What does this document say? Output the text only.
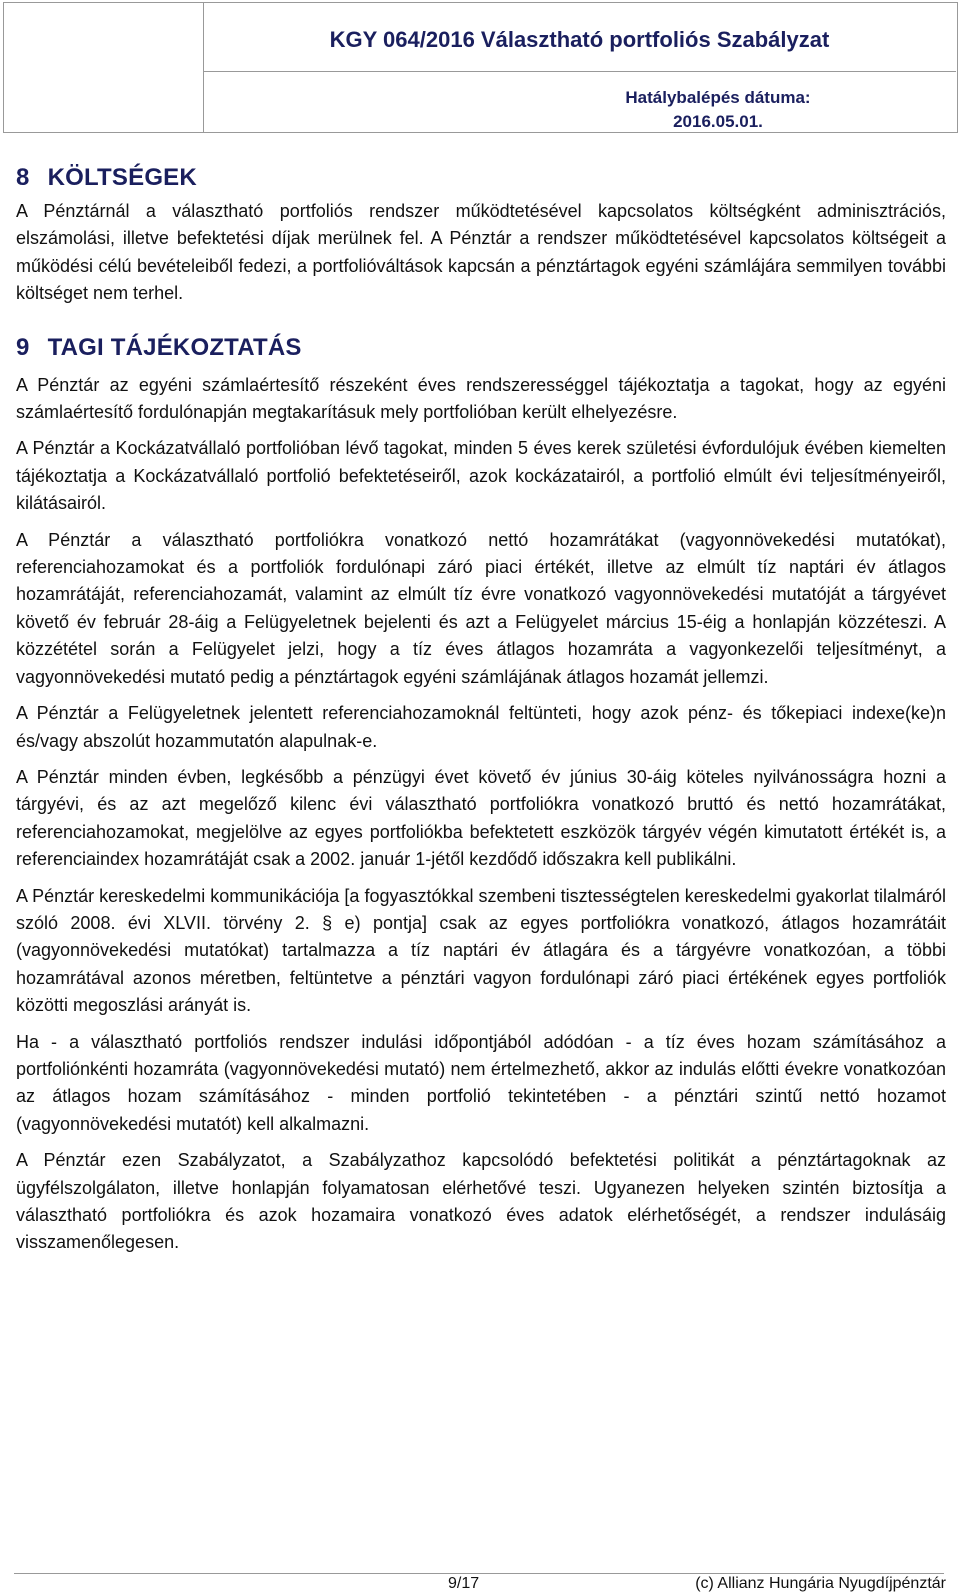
KGY 064/2016 Választható portfoliós Szabályzat
Hatálybalépés dátuma:
2016.05.01.
8 KÖLTSÉGEK

A Pénztárnál a választható portfoliós rendszer működtetésével kapcsolatos költségként adminisztrációs, elszámolási, illetve befektetési díjak merülnek fel. A Pénztár a rendszer működtetésével kapcsolatos költségeit a működési célú bevételeiből fedezi, a portfolióváltások kapcsán a pénztártagok egyéni számlájára semmilyen további költséget nem terhel.

9 TAGI TÁJÉKOZTATÁS

A Pénztár az egyéni számlaértesítő részeként éves rendszerességgel tájékoztatja a tagokat, hogy az egyéni számlaértesítő fordulónapján megtakarításuk mely portfolióban került elhelyezésre.

A Pénztár a Kockázatvállaló portfolióban lévő tagokat, minden 5 éves kerek születési évfordulójuk évében kiemelten tájékoztatja a Kockázatvállaló portfolió befektetéseiről, azok kockázatairól, a portfolió elmúlt évi teljesítményeiről, kilátásairól.

A Pénztár a választható portfoliókra vonatkozó nettó hozamrátákat (vagyonnövekedési mutatókat), referenciahozamokat és a portfoliók fordulónapi záró piaci értékét, illetve az elmúlt tíz naptári év átlagos hozamrátáját, referenciahozamát, valamint az elmúlt tíz évre vonatkozó vagyonnövekedési mutatóját a tárgyévet követő év február 28-áig a Felügyeletnek bejelenti és azt a Felügyelet március 15-éig a honlapján közzéteszi. A közzététel során a Felügyelet jelzi, hogy a tíz éves átlagos hozamráta a vagyonkezelői teljesítményt, a vagyonnövekedési mutató pedig a pénztártagok egyéni számlájának átlagos hozamát jellemzi.

A Pénztár a Felügyeletnek jelentett referenciahozamoknál feltünteti, hogy azok pénz- és tőkepiaci indexe(ke)n és/vagy abszolút hozammutatón alapulnak-e.

A Pénztár minden évben, legkésőbb a pénzügyi évet követő év június 30-áig köteles nyilvánosságra hozni a tárgyévi, és az azt megelőző kilenc évi választható portfoliókra vonatkozó bruttó és nettó hozamrátákat, referenciahozamokat, megjelölve az egyes portfoliókba befektetett eszközök tárgyév végén kimutatott értékét is, a referenciaindex hozamrátáját csak a 2002. január 1-jétől kezdődő időszakra kell publikálni.

A Pénztár kereskedelmi kommunikációja [a fogyasztókkal szembeni tisztességtelen kereskedelmi gyakorlat tilalmáról szóló 2008. évi XLVII. törvény 2. § e) pontja] csak az egyes portfoliókra vonatkozó, átlagos hozamrátáit (vagyonnövekedési mutatókat) tartalmazza a tíz naptári év átlagára és a tárgyévre vonatkozóan, a többi hozamrátával azonos méretben, feltüntetve a pénztári vagyon fordulónapi záró piaci értékének egyes portfoliók közötti megoszlási arányát is.

Ha - a választható portfoliós rendszer indulási időpontjából adódóan - a tíz éves hozam számításához a portfoliónkénti hozamráta (vagyonnövekedési mutató) nem értelmezhető, akkor az indulás előtti évekre vonatkozóan az átlagos hozam számításához - minden portfolió tekintetében - a pénztári szintű nettó hozamot (vagyonnövekedési mutatót) kell alkalmazni.

A Pénztár ezen Szabályzatot, a Szabályzathoz kapcsolódó befektetési politikát a pénztártagoknak az ügyfélszolgálaton, illetve honlapján folyamatosan elérhetővé teszi. Ugyanezen helyeken szintén biztosítja a választható portfoliókra és azok hozamaira vonatkozó éves adatok elérhetőségét, a rendszer indulásáig visszamenőlegesen.

9/17	(c) Allianz Hungária Nyugdíjpénztár
